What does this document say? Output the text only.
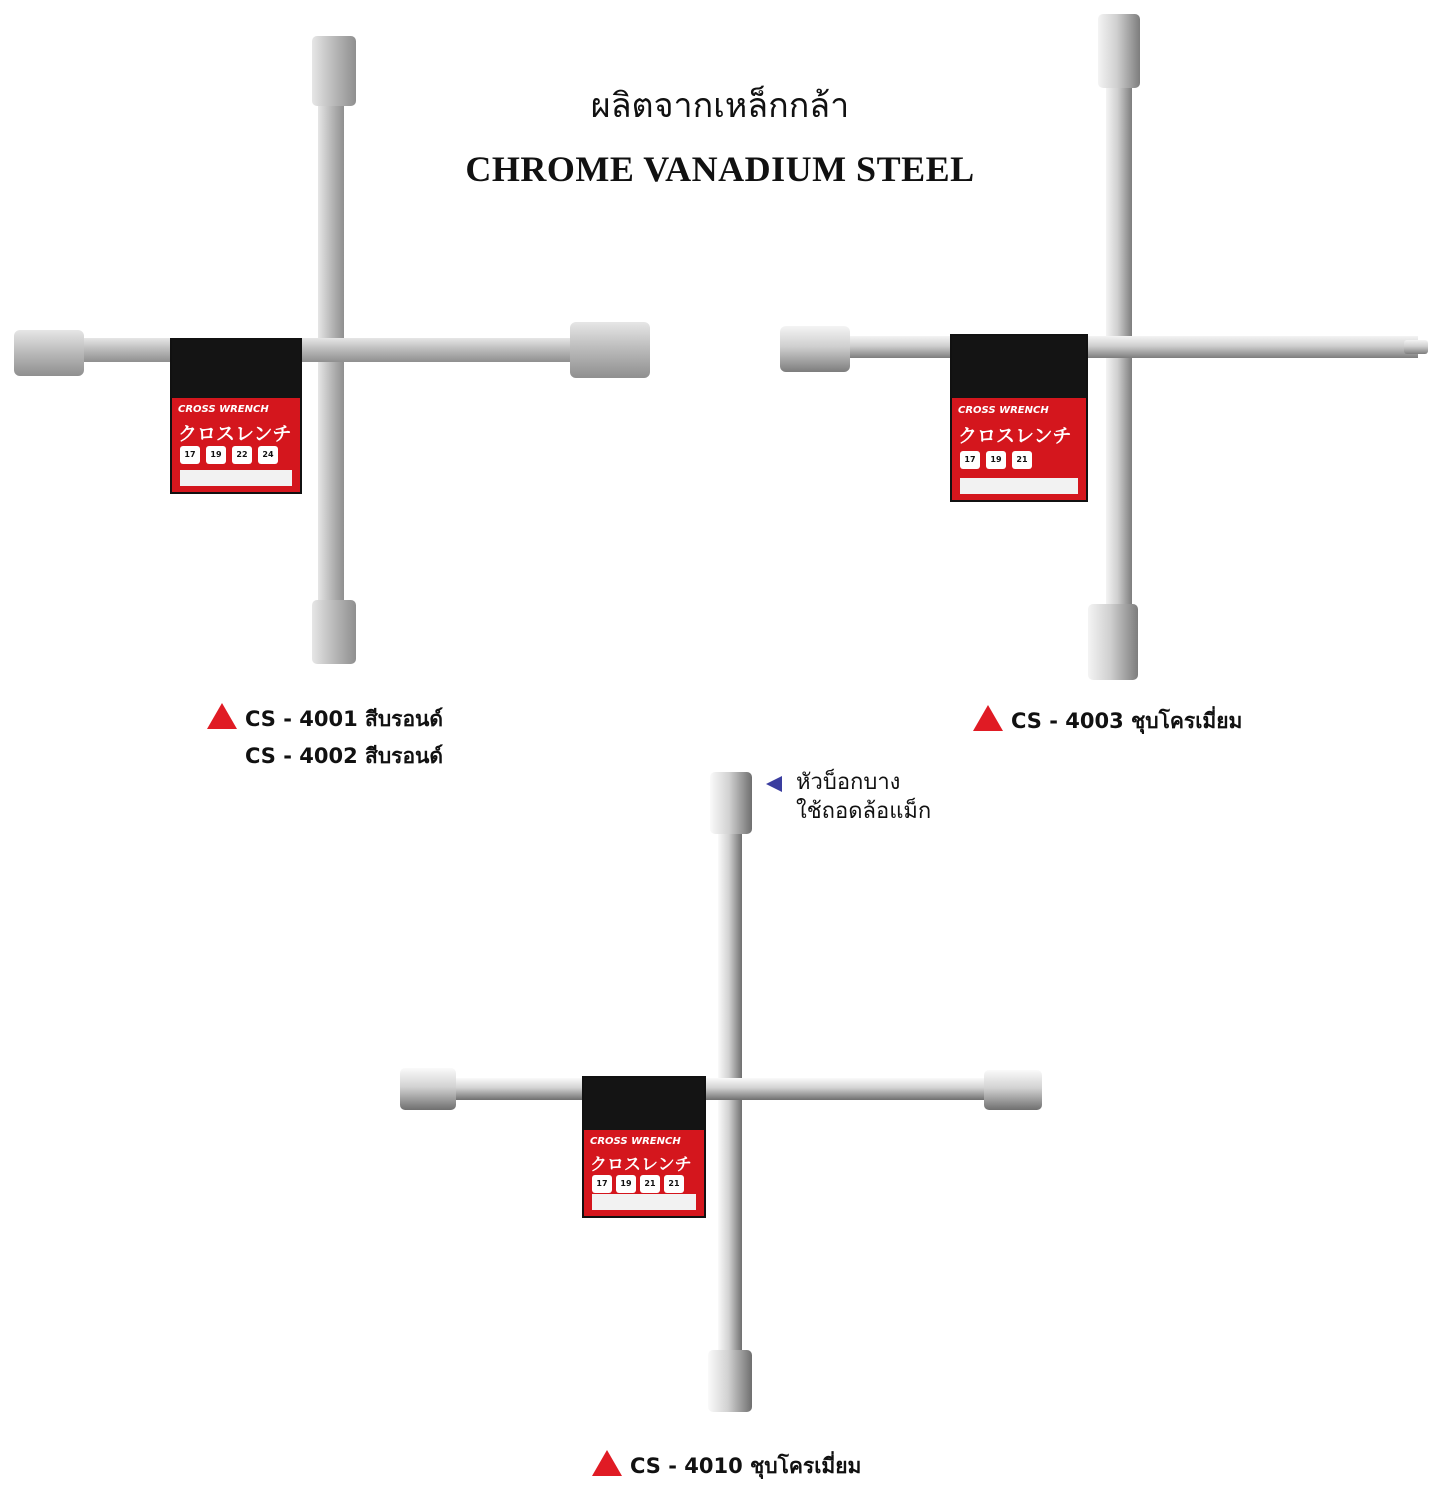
ผลิตจากเหล็กกล้า
CHROME VANADIUM STEEL
CROSS WRENCH
クロスレンチ
17	19	22	24
CS - 4001 สีบรอนด์
CS - 4002 สีบรอนด์
CROSS WRENCH
クロスレンチ
17	19	21
CS - 4003 ชุบโครเมี่ยม
CROSS WRENCH
クロスレンチ
17	19	21	21
หัวบ็อกบาง
ใช้ถอดล้อแม็ก
CS - 4010 ชุบโครเมี่ยม
